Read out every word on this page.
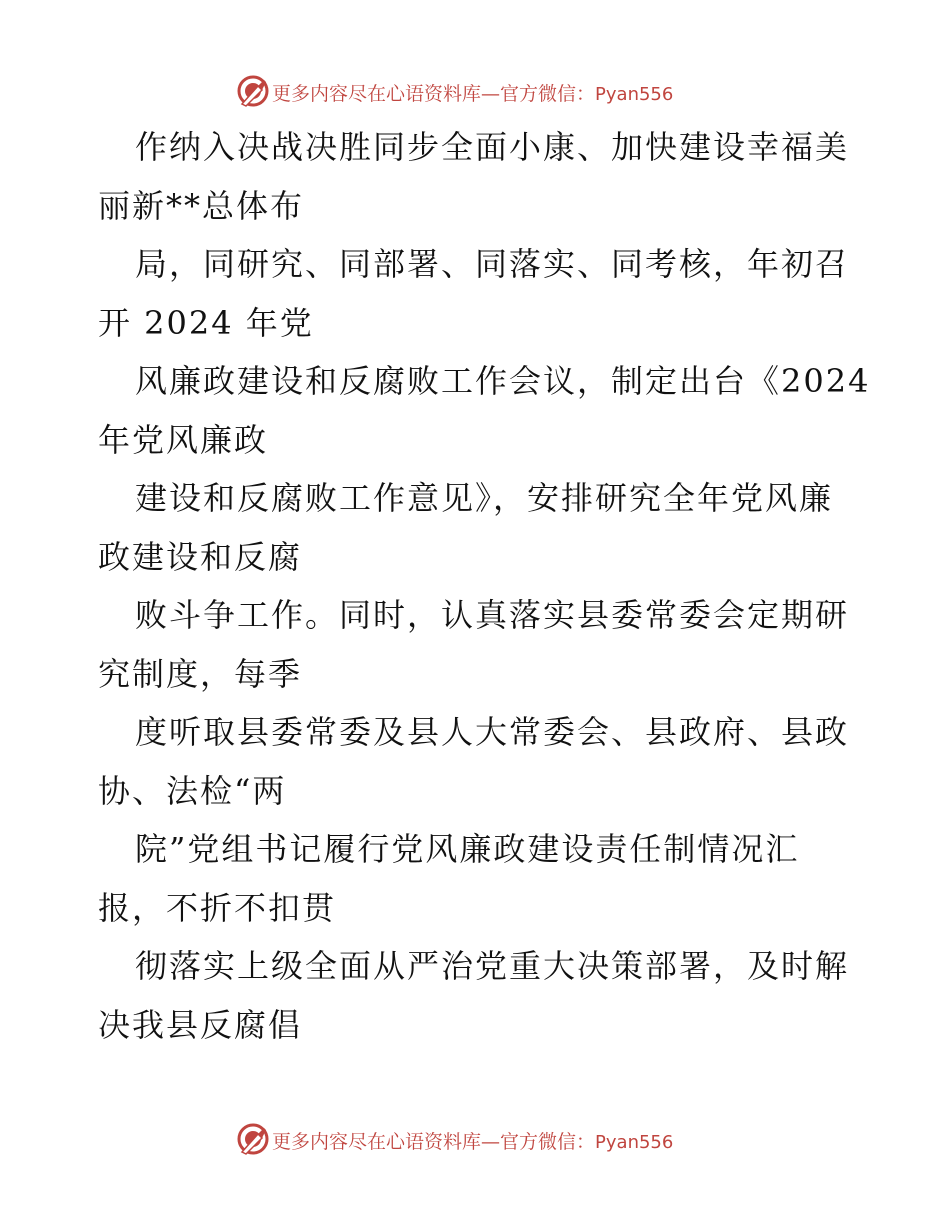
更多内容尽在心语资料库—官方微信：Pyan556
作纳入决战决胜同步全面小康、加快建设幸福美
丽新**总体布
局，同研究、同部署、同落实、同考核，年初召
开 2024 年党
风廉政建设和反腐败工作会议，制定出台《2024
年党风廉政
建设和反腐败工作意见》，安排研究全年党风廉
政建设和反腐
败斗争工作。同时，认真落实县委常委会定期研
究制度，每季
度听取县委常委及县人大常委会、县政府、县政
协、法检“两
院”党组书记履行党风廉政建设责任制情况汇
报，不折不扣贯
彻落实上级全面从严治党重大决策部署，及时解
决我县反腐倡
更多内容尽在心语资料库—官方微信：Pyan556
